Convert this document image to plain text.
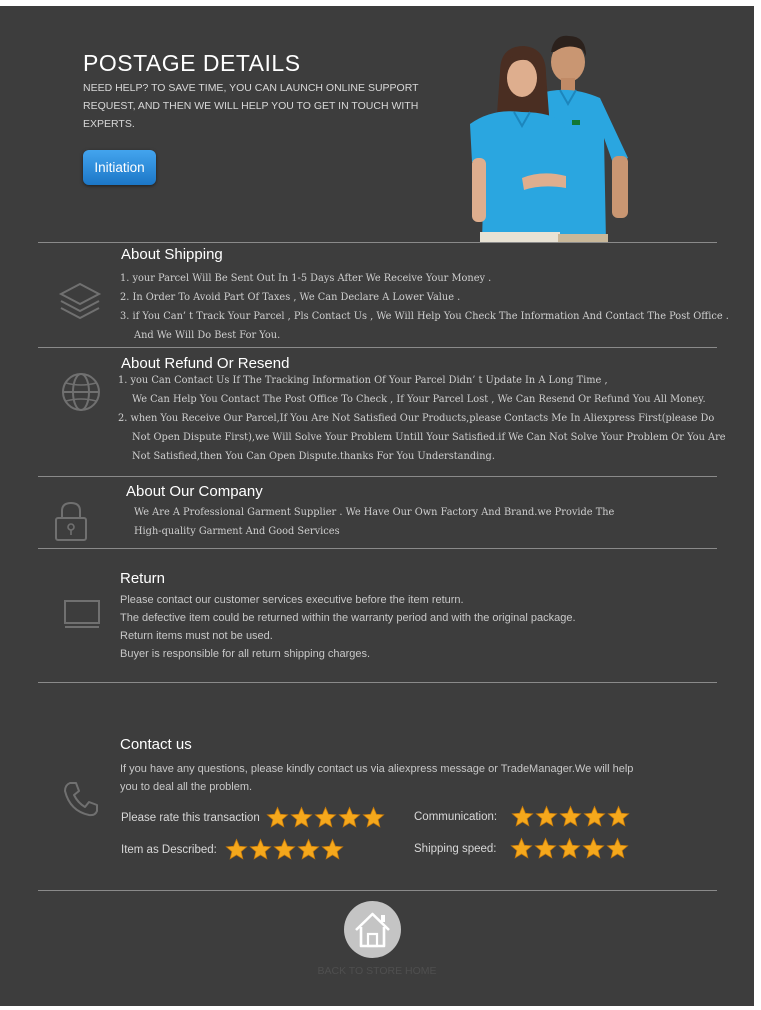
POSTAGE DETAILS
NEED HELP? TO SAVE TIME, YOU CAN LAUNCH ONLINE SUPPORT
REQUEST, AND THEN WE WILL HELP YOU TO GET IN TOUCH WITH
EXPERTS.
Initiation
About Shipping
1. your Parcel Will Be Sent Out In 1-5 Days After We Receive Your Money .
2. In Order To Avoid Part Of Taxes , We Can Declare A Lower Value .
3. if You Can’ t Track Your Parcel , Pls Contact Us , We Will Help You Check The Information And Contact The Post Office .
And We Will Do Best For You.
About Refund Or Resend
1. you Can Contact Us If The Tracking Information Of Your Parcel Didn’ t Update In A Long Time ,
We Can Help You Contact The Post Office To Check , If Your Parcel Lost , We Can Resend Or Refund You All Money.
2. when You Receive Our Parcel,If You Are Not Satisfied Our Products,please Contacts Me In Aliexpress First(please Do
Not Open Dispute First),we Will Solve Your Problem Untill Your Satisfied.if We Can Not Solve Your Problem Or You Are
Not Satisfied,then You Can Open Dispute.thanks For You Understanding.
About Our Company
We Are A Professional Garment Supplier . We Have Our Own Factory And Brand.we Provide The
High-quality Garment And Good Services
Return
Please contact our customer services executive before the item return.
The defective item could be returned within the warranty period and with the original package.
Return items must not be used.
Buyer is responsible for all return shipping charges.
Contact us
If you have any questions, please kindly contact us via aliexpress message or TradeManager.We will help
you to deal all the problem.
Please rate this transaction	Communication:
Item as Described:	Shipping speed:
BACK TO STORE HOME
